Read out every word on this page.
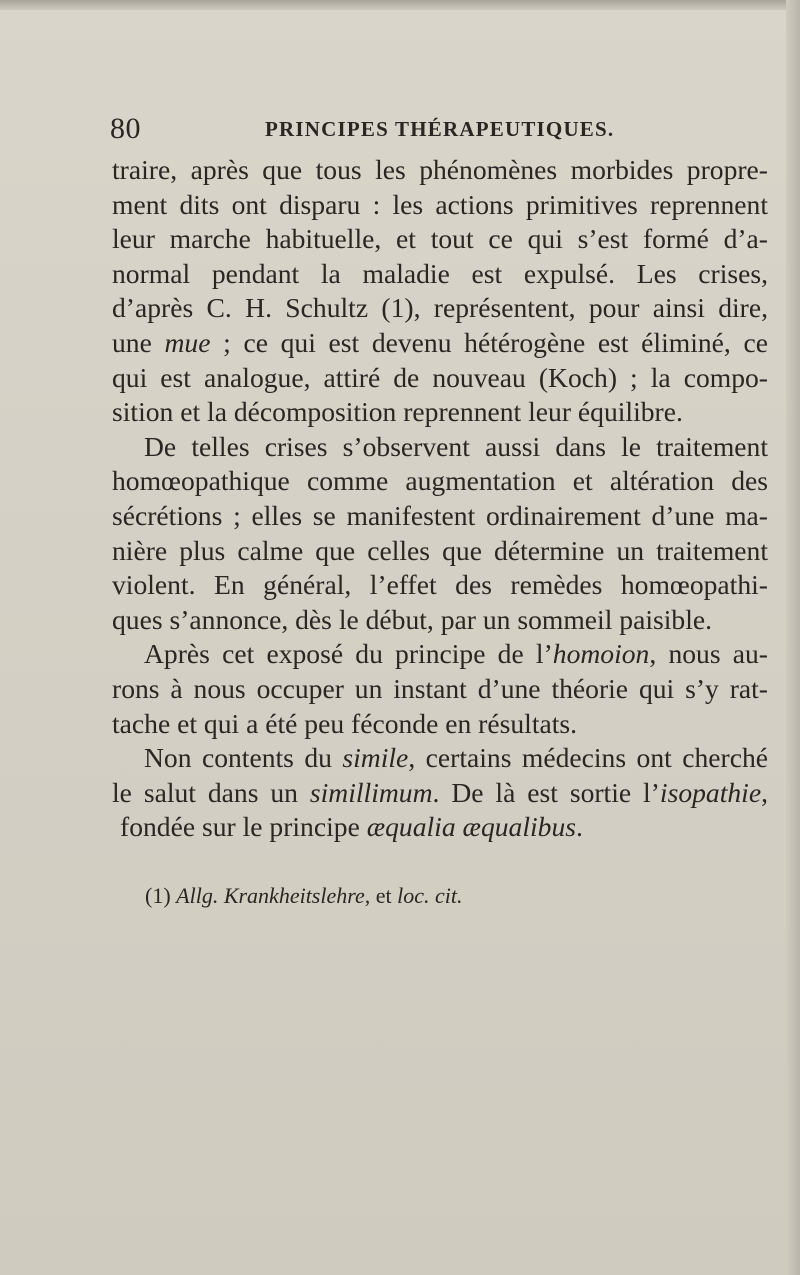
80	PRINCIPES THÉRAPEUTIQUES.
traire, après que tous les phénomènes morbides propre-
ment dits ont disparu : les actions primitives reprennent
leur marche habituelle, et tout ce qui s’est formé d’a-
normal pendant la maladie est expulsé. Les crises,
d’après C. H. Schultz (1), représentent, pour ainsi dire,
une mue ; ce qui est devenu hétérogène est éliminé, ce
qui est analogue, attiré de nouveau (Koch) ; la compo-
sition et la décomposition reprennent leur équilibre.
De telles crises s’observent aussi dans le traitement
homœopathique comme augmentation et altération des
sécrétions ; elles se manifestent ordinairement d’une ma-
nière plus calme que celles que détermine un traitement
violent. En général, l’effet des remèdes homœopathi-
ques s’annonce, dès le début, par un sommeil paisible.
Après cet exposé du principe de l’homoion, nous au-
rons à nous occuper un instant d’une théorie qui s’y rat-
tache et qui a été peu féconde en résultats.
Non contents du simile, certains médecins ont cherché
le salut dans un simillimum. De là est sortie l’isopathie,
fondée sur le principe æqualia æqualibus.
(1) Allg. Krankheitslehre, et loc. cit.
